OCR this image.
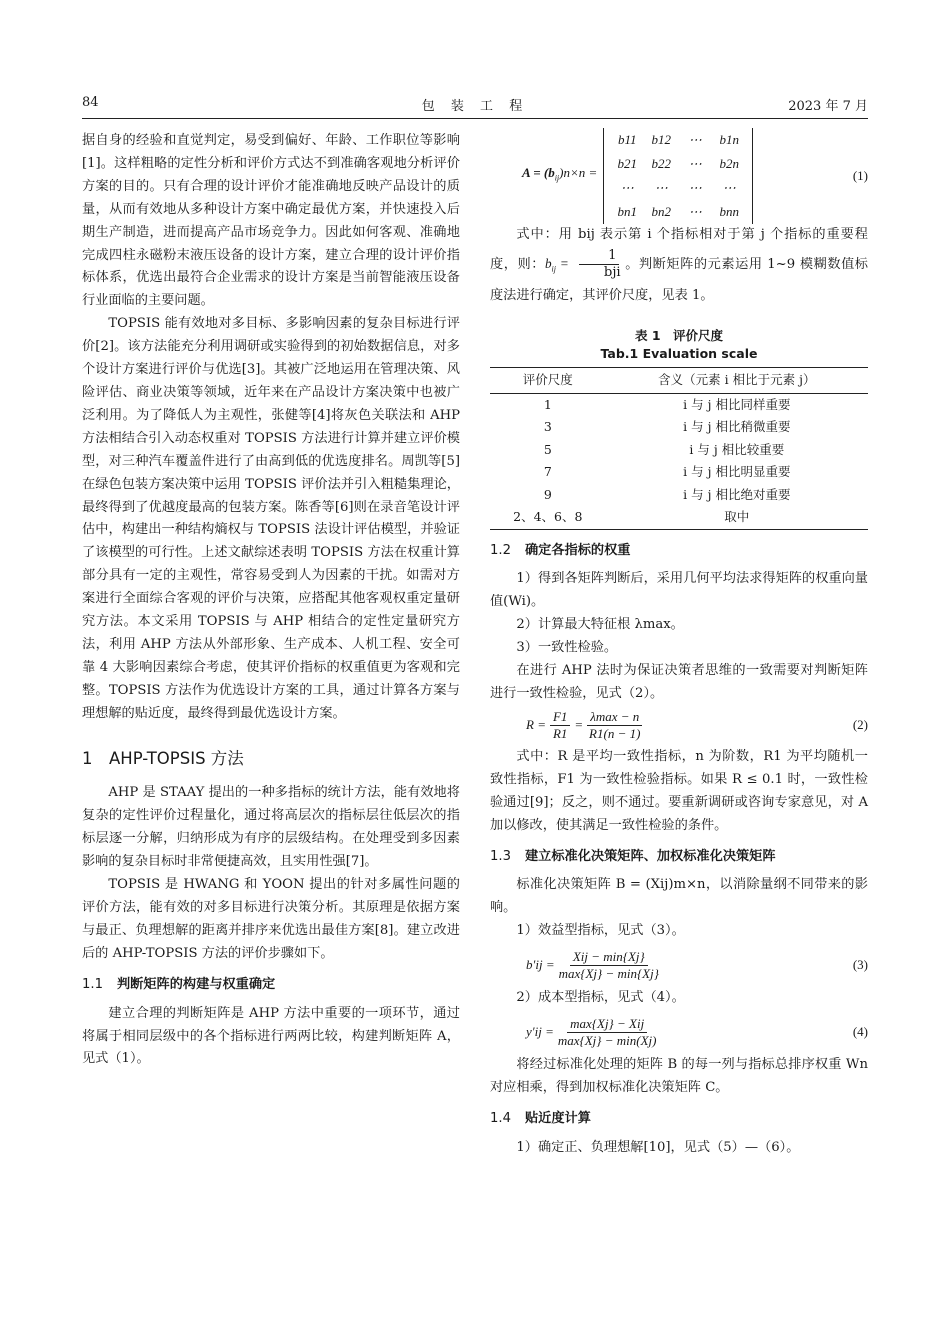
84	包 装 工 程	2023 年 7 月

据自身的经验和直觉判定，易受到偏好、年龄、工作职位等影响[1]。这样粗略的定性分析和评价方式达不到准确客观地分析评价方案的目的。只有合理的设计评价才能准确地反映产品设计的质量，从而有效地从多种设计方案中确定最优方案，并快速投入后期生产制造，进而提高产品市场竞争力。因此如何客观、准确地完成四柱永磁粉末液压设备的设计方案，建立合理的设计评价指标体系，优选出最符合企业需求的设计方案是当前智能液压设备行业面临的主要问题。

TOPSIS 能有效地对多目标、多影响因素的复杂目标进行评价[2]。该方法能充分利用调研或实验得到的初始数据信息，对多个设计方案进行评价与优选[3]。其被广泛地运用在管理决策、风险评估、商业决策等领域，近年来在产品设计方案决策中也被广泛利用。为了降低人为主观性，张健等[4]将灰色关联法和 AHP 方法相结合引入动态权重对 TOPSIS 方法进行计算并建立评价模型，对三种汽车覆盖件进行了由高到低的优选度排名。周凯等[5]在绿色包装方案决策中运用 TOPSIS 评价法并引入粗糙集理论，最终得到了优越度最高的包装方案。陈香等[6]则在录音笔设计评估中，构建出一种结构熵权与 TOPSIS 法设计评估模型，并验证了该模型的可行性。上述文献综述表明 TOPSIS 方法在权重计算部分具有一定的主观性，常容易受到人为因素的干扰。如需对方案进行全面综合客观的评价与决策，应搭配其他客观权重定量研究方法。本文采用 TOPSIS 与 AHP 相结合的定性定量研究方法，利用 AHP 方法从外部形象、生产成本、人机工程、安全可靠 4 大影响因素综合考虑，使其评价指标的权重值更为客观和完整。TOPSIS 方法作为优选设计方案的工具，通过计算各方案与理想解的贴近度，最终得到最优选设计方案。

1　AHP-TOPSIS 方法

AHP 是 STAAY 提出的一种多指标的统计方法，能有效地将复杂的定性评价过程量化，通过将高层次的指标层往低层次的指标层逐一分解，归纳形成为有序的层级结构。在处理受到多因素影响的复杂目标时非常便捷高效，且实用性强[7]。

TOPSIS 是 HWANG 和 YOON 提出的针对多属性问题的评价方法，能有效的对多目标进行决策分析。其原理是依据方案与最正、负理想解的距离并排序来优选出最佳方案[8]。建立改进后的 AHP-TOPSIS 方法的评价步骤如下。

1.1 判断矩阵的构建与权重确定

建立合理的判断矩阵是 AHP 方法中重要的一项环节，通过将属于相同层级中的各个指标进行两两比较，构建判断矩阵 A，见式（1）。

$A = (b_{ij})n\times n$ =
b11	b12	⋯	b1n
b21	b22	⋯	b2n
⋯	⋯	⋯	⋯
bn1	bn2	⋯	bnn
(1)

式中：用 bij 表示第 i 个指标相对于第 j 个指标的重要程度，则：$b_{ij} = \frac{1}{\text{bji}}$ 。判断矩阵的元素运用 1~9 模糊数值标度法进行确定，其评价尺度，见表 1。

表 1　评价尺度
Tab.1 Evaluation scale
评价尺度	含义（元素 i 相比于元素 j）
1	i 与 j 相比同样重要
3	i 与 j 相比稍微重要
5	i 与 j 相比较重要
7	i 与 j 相比明显重要
9	i 与 j 相比绝对重要
2、4、6、8	取中
1.2 确定各指标的权重

1）得到各矩阵判断后，采用几何平均法求得矩阵的权重向量值(Wi)。

2）计算最大特征根 λmax。

3）一致性检验。

在进行 AHP 法时为保证决策者思维的一致需要对判断矩阵进行一致性检验，见式（2）。

$R = \frac{F1}{R1} = \frac{\lambda\max - n}{R1(n - 1)}$	(2)

式中：R 是平均一致性指标，n 为阶数，R1 为平均随机一致性指标，F1 为一致性检验指标。如果 R ≤ 0.1 时，一致性检验通过[9]；反之，则不通过。要重新调研或咨询专家意见，对 A 加以修改，使其满足一致性检验的条件。

1.3 建立标准化决策矩阵、加权标准化决策矩阵

标准化决策矩阵 B = (Xij)m×n，以消除量纲不同带来的影响。

1）效益型指标，见式（3）。

$b'ij = \frac{\text{Xij − min\{Xj\}}}{\max\{Xj\} - \min\{Xj\}}$	(3)

2）成本型指标，见式（4）。

$y'ij = \frac{\text{max\{Xj\} − Xij}}{\max\{Xj\} - \min(Xj)}$	(4)

将经过标准化处理的矩阵 B 的每一列与指标总排序权重 Wn 对应相乘，得到加权标准化决策矩阵 C。

1.4 贴近度计算

1）确定正、负理想解[10]，见式（5）—（6）。
